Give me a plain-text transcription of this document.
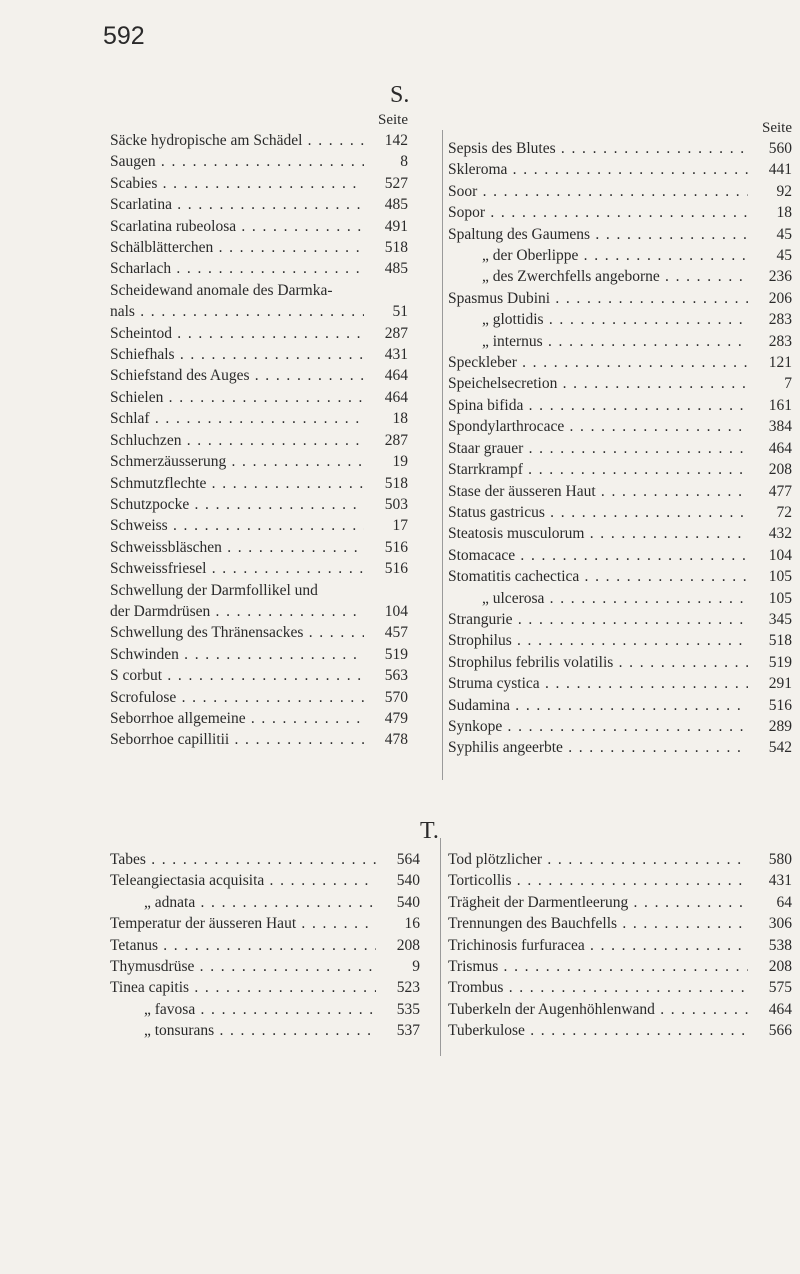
592
S.
Seite
Säcke hydropische am Schädel . . .	142
Saugen . . .	8
Scabies . . .	527
Scarlatina . . .	485
Scarlatina rubeolosa . . .	491
Schälblätterchen . . .	518
Scharlach . . .	485
Scheidewand anomale des Darmka-
nals . . .	51
Scheintod . . .	287
Schiefhals . . .	431
Schiefstand des Auges . . .	464
Schielen . . .	464
Schlaf . . .	18
Schluchzen . . .	287
Schmerzäusserung . . .	19
Schmutzflechte . . .	518
Schutzpocke . . .	503
Schweiss . . .	17
Schweissbläschen . . .	516
Schweissfriesel . . .	516
Schwellung der Darmfollikel und
der Darmdrüsen . . .	104
Schwellung des Thränensackes . . .	457
Schwinden . . .	519
S corbut . . .	563
Scrofulose . . .	570
Seborrhoe allgemeine . . .	479
Seborrhoe capillitii . . .	478
Seite
Sepsis des Blutes . . .	560
Skleroma . . .	441
Soor . . .	92
Sopor . . .	18
Spaltung des Gaumens . . .	45
„ der Oberlippe . . .	45
„ des Zwerchfells angeborne . . .	236
Spasmus Dubini . . .	206
„ glottidis . . .	283
„ internus . . .	283
Speckleber . . .	121
Speichelsecretion . . .	7
Spina bifida . . .	161
Spondylarthrocace . . .	384
Staar grauer . . .	464
Starrkrampf . . .	208
Stase der äusseren Haut . . .	477
Status gastricus . . .	72
Steatosis musculorum . . .	432
Stomacace . . .	104
Stomatitis cachectica . . .	105
„ ulcerosa . . .	105
Strangurie . . .	345
Strophilus . . .	518
Strophilus febrilis volatilis . . .	519
Struma cystica . . .	291
Sudamina . . .	516
Synkope . . .	289
Syphilis angeerbte . . .	542
T.
Tabes . . .	564
Teleangiectasia acquisita . . .	540
„ adnata . . .	540
Temperatur der äusseren Haut . . .	16
Tetanus . . .	208
Thymusdrüse . . .	9
Tinea capitis . . .	523
„ favosa . . .	535
„ tonsurans . . .	537
Tod plötzlicher . . .	580
Torticollis . . .	431
Trägheit der Darmentleerung . . .	64
Trennungen des Bauchfells . . .	306
Trichinosis furfuracea . . .	538
Trismus . . .	208
Trombus . . .	575
Tuberkeln der Augenhöhlenwand . . .	464
Tuberkulose . . .	566
